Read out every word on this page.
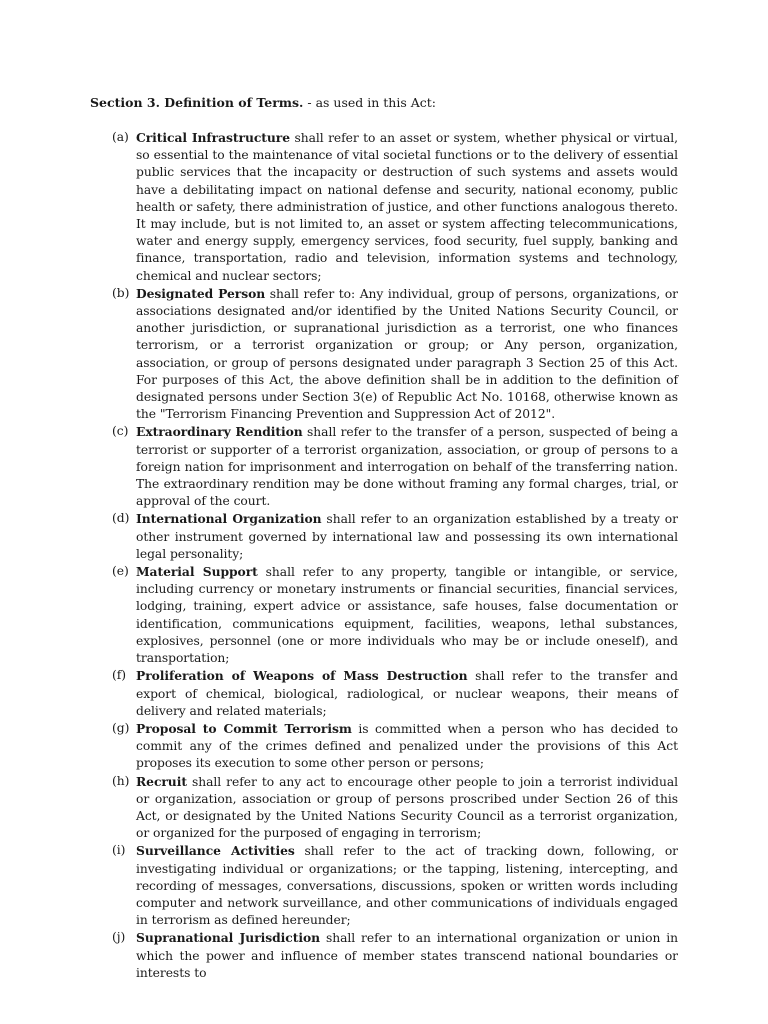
Section 3. Definition of Terms. - as used in this Act:
(a) Critical Infrastructure shall refer to an asset or system, whether physical or virtual, so essential to the maintenance of vital societal functions or to the delivery of essential public services that the incapacity or destruction of such systems and assets would have a debilitating impact on national defense and security, national economy, public health or safety, there administration of justice, and other functions analogous thereto. It may include, but is not limited to, an asset or system affecting telecommunications, water and energy supply, emergency services, food security, fuel supply, banking and finance, transportation, radio and television, information systems and technology, chemical and nuclear sectors;
(b) Designated Person shall refer to: Any individual, group of persons, organizations, or associations designated and/or identified by the United Nations Security Council, or another jurisdiction, or supranational jurisdiction as a terrorist, one who finances terrorism, or a terrorist organization or group; or Any person, organization, association, or group of persons designated under paragraph 3 Section 25 of this Act. For purposes of this Act, the above definition shall be in addition to the definition of designated persons under Section 3(e) of Republic Act No. 10168, otherwise known as the "Terrorism Financing Prevention and Suppression Act of 2012".
(c) Extraordinary Rendition shall refer to the transfer of a person, suspected of being a terrorist or supporter of a terrorist organization, association, or group of persons to a foreign nation for imprisonment and interrogation on behalf of the transferring nation. The extraordinary rendition may be done without framing any formal charges, trial, or approval of the court.
(d) International Organization shall refer to an organization established by a treaty or other instrument governed by international law and possessing its own international legal personality;
(e) Material Support shall refer to any property, tangible or intangible, or service, including currency or monetary instruments or financial securities, financial services, lodging, training, expert advice or assistance, safe houses, false documentation or identification, communications equipment, facilities, weapons, lethal substances, explosives, personnel (one or more individuals who may be or include oneself), and transportation;
(f) Proliferation of Weapons of Mass Destruction shall refer to the transfer and export of chemical, biological, radiological, or nuclear weapons, their means of delivery and related materials;
(g) Proposal to Commit Terrorism is committed when a person who has decided to commit any of the crimes defined and penalized under the provisions of this Act proposes its execution to some other person or persons;
(h) Recruit shall refer to any act to encourage other people to join a terrorist individual or organization, association or group of persons proscribed under Section 26 of this Act, or designated by the United Nations Security Council as a terrorist organization, or organized for the purposed of engaging in terrorism;
(i) Surveillance Activities shall refer to the act of tracking down, following, or investigating individual or organizations; or the tapping, listening, intercepting, and recording of messages, conversations, discussions, spoken or written words including computer and network surveillance, and other communications of individuals engaged in terrorism as defined hereunder;
(j) Supranational Jurisdiction shall refer to an international organization or union in which the power and influence of member states transcend national boundaries or interests to
